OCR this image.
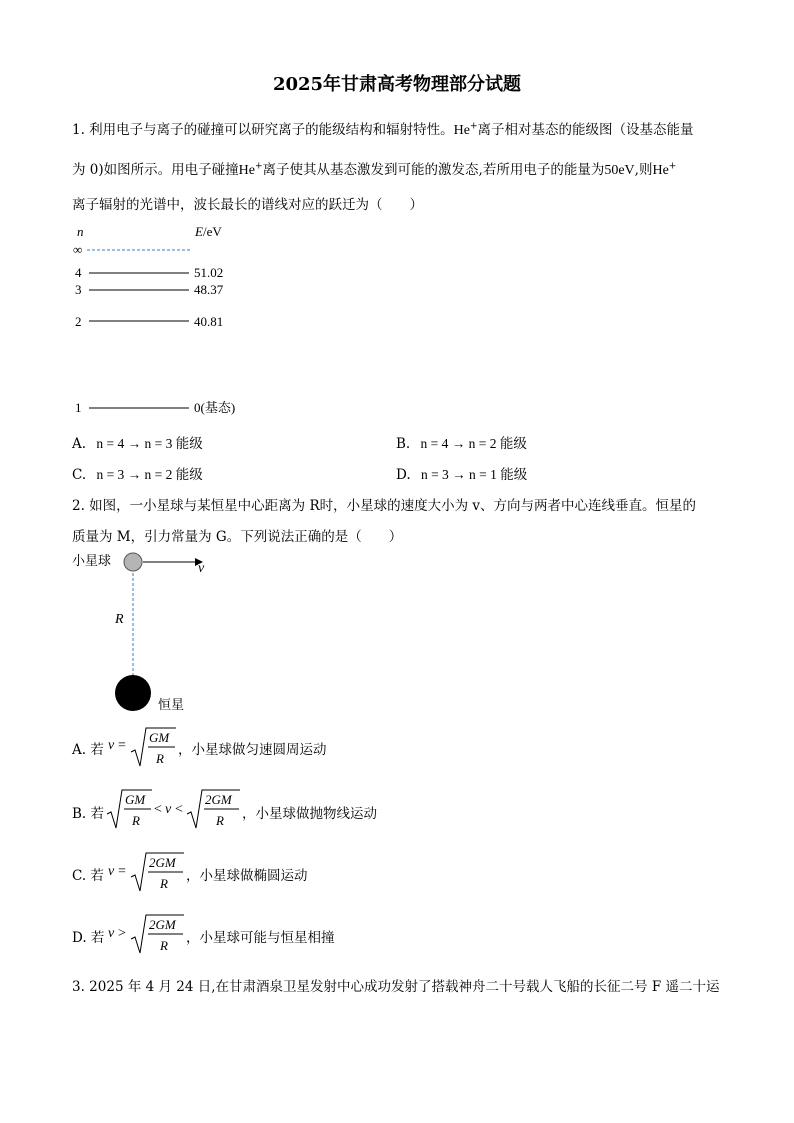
2025年甘肃高考物理部分试题
1. 利用电子与离子的碰撞可以研究离子的能级结构和辐射特性。He+离子相对基态的能级图（设基态能量
为 0)如图所示。用电子碰撞He+离子使其从基态激发到可能的激发态,若所用电子的能量为50eV,则He+
离子辐射的光谱中，波长最长的谱线对应的跃迁为（　　）
n	E/eV
∞
4	51.02
3	48.37
2	40.81
1	0(基态)
A. n = 4 → n = 3 能级	B. n = 4 → n = 2 能级
C. n = 3 → n = 2 能级	D. n = 3 → n = 1 能级
2. 如图，一小星球与某恒星中心距离为 R时，小星球的速度大小为 v、方向与两者中心连线垂直。恒星的
质量为 M，引力常量为 G。下列说法正确的是（　　）
小星球
v
R
恒星
A. 若 v =
GM
R
，小星球做匀速圆周运动
B. 若
GM
R
< v <
2GM
R ，小星球做抛物线运动
C. 若 v =
2GM
R ，小星球做椭圆运动
D. 若 v >
2GM
R ，小星球可能与恒星相撞
3. 2025 年 4 月 24 日,在甘肃酒泉卫星发射中心成功发射了搭载神舟二十号载人飞船的长征二号 F 遥二十运
